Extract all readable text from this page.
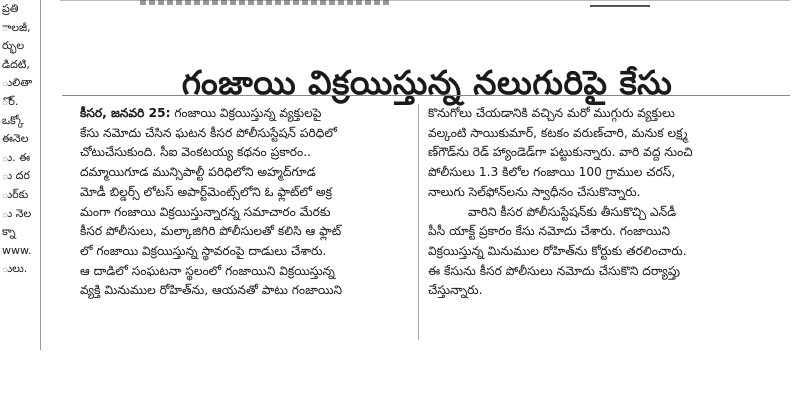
ప్రతి
ాలజీ,
ర్భుల
డిదటి,
ులితా
ొర్‌.
ఒక్కో
ఈనెల
ు. ఈ
ు దర
ుర్‌కు
ు నెల
క్నా
www.
ులు.
గంజాయి విక్రయిస్తున్న నలుగురిపై కేసు
కీసర, జనవరి 25: గంజాయి విక్రయిస్తున్న వ్యక్తులపై
కేసు నమోదు చేసిన ఘటన కీసర పోలీసుస్టేషన్ పరిధిలో
చోటుచేసుకుంది. సీఐ వెంకటయ్య కథనం ప్రకారం..
దమ్మాయిగూడ మున్సిపాల్టీ పరిధిలోని అహ్మద్‌గూడ
మోడీ బిల్డర్స్ లోటస్ అపార్ట్‌మెంట్స్‌లోని ఓ ఫ్లాట్‌లో అక్ర
మంగా గంజాయి విక్రయిస్తున్నారన్న సమాచారం మేరకు
కీసర పోలీసులు, మల్కాజిగిరి పోలీసులతో కలిసి ఆ ఫ్లాట్
లో గంజాయి విక్రయిస్తున్న స్థావరంపై దాడులు చేశారు.
ఆ దాడిలో సంఘటనా స్థలంలో గంజాయిని విక్రయిస్తున్న
వ్యక్తి మినుముల రోహిత్‌ను, ఆయనతో పాటు గంజాయిని
కొనుగోలు చేయడానికి వచ్చిన మరో ముగ్గురు వ్యక్తులు
వల్కంటి సాయికుమార్, కటకం వరుణ్‌చారి, మనుక లక్ష్మ
ణ్‌గౌడ్‌ను రెడ్ హ్యాండెడ్‌గా పట్టుకున్నారు. వారి వద్ద నుంచి
పోలీసులు 1.3 కిలోల గంజాయి 100 గ్రాముల చరస్,
నాలుగు సెల్‌ఫోన్‌లను స్వాధీనం చేసుకొన్నారు.
వారిని కీసర పోలీసుస్టేషన్‌కు తీసుకొచ్చి ఎన్‌డీ
పీసీ యాక్ట్ ప్రకారం కేసు నమోదు చేశారు. గంజాయిని
విక్రయిస్తున్న మినుముల రోహిత్‌ను కోర్టుకు తరలించారు.
ఈ కేసును కీసర పోలీసులు నమోదు చేసుకొని దర్యాప్తు
చేస్తున్నారు.
